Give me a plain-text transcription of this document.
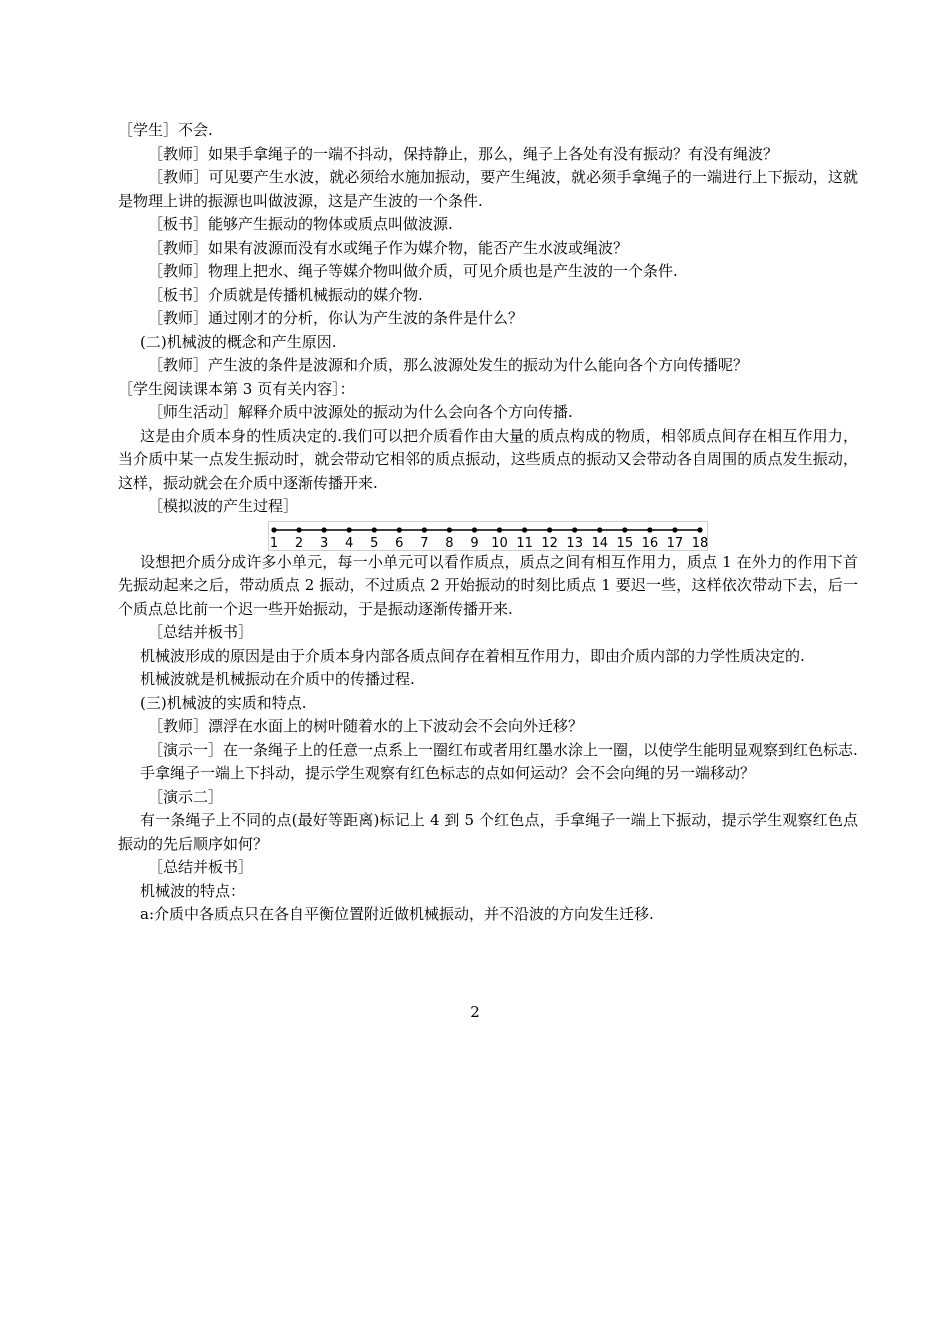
［学生］不会.

［教师］如果手拿绳子的一端不抖动，保持静止，那么，绳子上各处有没有振动？有没有绳波？

［教师］可见要产生水波，就必须给水施加振动，要产生绳波，就必须手拿绳子的一端进行上下振动，这就是物理上讲的振源也叫做波源，这是产生波的一个条件.

［板书］能够产生振动的物体或质点叫做波源.

［教师］如果有波源而没有水或绳子作为媒介物，能否产生水波或绳波？

［教师］物理上把水、绳子等媒介物叫做介质，可见介质也是产生波的一个条件.

［板书］介质就是传播机械振动的媒介物.

［教师］通过刚才的分析，你认为产生波的条件是什么？

(二)机械波的概念和产生原因.

［教师］产生波的条件是波源和介质，那么波源处发生的振动为什么能向各个方向传播呢？

［学生阅读课本第 3 页有关内容］：

［师生活动］解释介质中波源处的振动为什么会向各个方向传播.

这是由介质本身的性质决定的.我们可以把介质看作由大量的质点构成的物质，相邻质点间存在相互作用力，当介质中某一点发生振动时，就会带动它相邻的质点振动，这些质点的振动又会带动各自周围的质点发生振动，这样，振动就会在介质中逐渐传播开来.

［模拟波的产生过程］

1 2 3 4 5 6 7 8 9 10 11 12 13 14 15 16 17 18

设想把介质分成许多小单元，每一小单元可以看作质点，质点之间有相互作用力，质点 1 在外力的作用下首先振动起来之后，带动质点 2 振动，不过质点 2 开始振动的时刻比质点 1 要迟一些，这样依次带动下去，后一个质点总比前一个迟一些开始振动，于是振动逐渐传播开来.

［总结并板书］

机械波形成的原因是由于介质本身内部各质点间存在着相互作用力，即由介质内部的力学性质决定的.

机械波就是机械振动在介质中的传播过程.

(三)机械波的实质和特点.

［教师］漂浮在水面上的树叶随着水的上下波动会不会向外迁移？

［演示一］在一条绳子上的任意一点系上一圈红布或者用红墨水涂上一圈，以使学生能明显观察到红色标志.

手拿绳子一端上下抖动，提示学生观察有红色标志的点如何运动？会不会向绳的另一端移动？

［演示二］

有一条绳子上不同的点(最好等距离)标记上 4 到 5 个红色点，手拿绳子一端上下振动，提示学生观察红色点振动的先后顺序如何？

［总结并板书］

机械波的特点：

a:介质中各质点只在各自平衡位置附近做机械振动，并不沿波的方向发生迁移.

2
